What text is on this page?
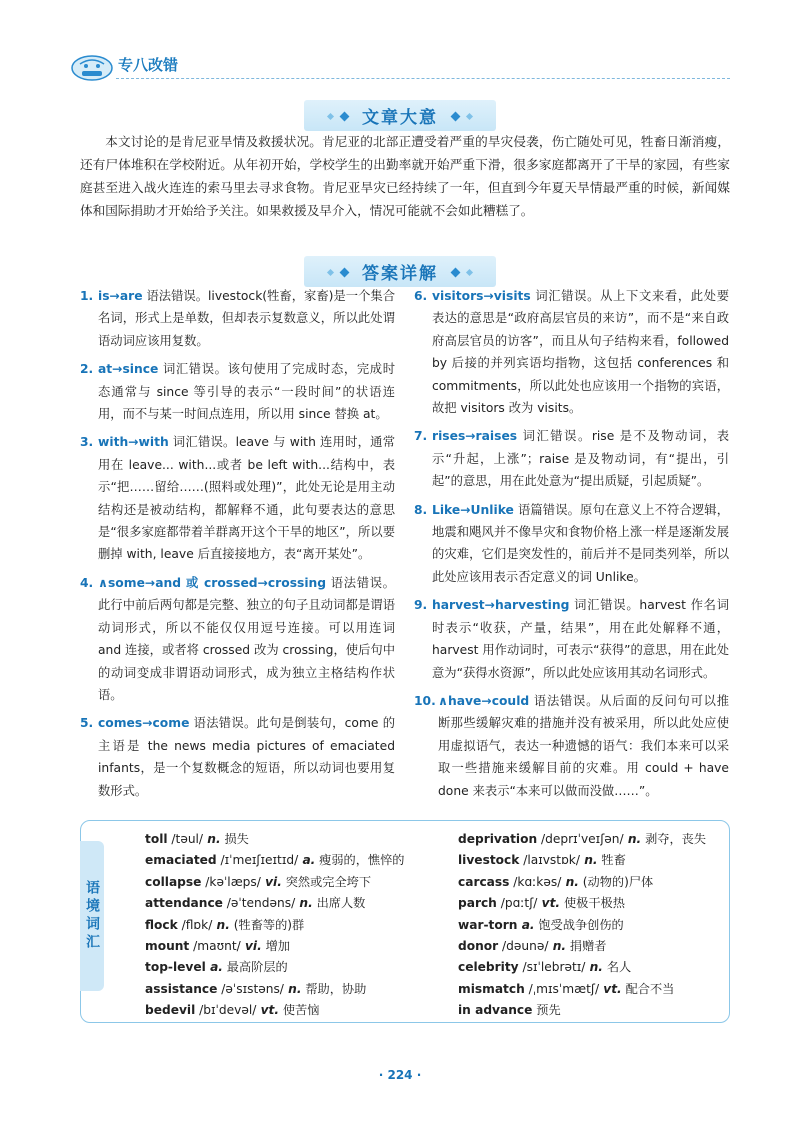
专八改错
文章大意

本文讨论的是肯尼亚旱情及救援状况。肯尼亚的北部正遭受着严重的旱灾侵袭，伤亡随处可见，牲畜日渐消瘦，还有尸体堆积在学校附近。从年初开始，学校学生的出勤率就开始严重下滑，很多家庭都离开了干旱的家园，有些家庭甚至进入战火连连的索马里去寻求食物。肯尼亚旱灾已经持续了一年，但直到今年夏天旱情最严重的时候，新闻媒体和国际捐助才开始给予关注。如果救援及早介入，情况可能就不会如此糟糕了。

答案详解
1. is→are 语法错误。livestock(牲畜，家畜)是一个集合名词，形式上是单数，但却表示复数意义，所以此处谓语动词应该用复数。
2. at→since 词汇错误。该句使用了完成时态，完成时态通常与 since 等引导的表示“一段时间”的状语连用，而不与某一时间点连用，所以用 since 替换 at。
3. with→with 词汇错误。leave 与 with 连用时，通常用在 leave... with...或者 be left with...结构中，表示“把……留给……(照料或处理)”，此处无论是用主动结构还是被动结构，都解释不通，此句要表达的意思是“很多家庭都带着羊群离开这个干旱的地区”，所以要删掉 with, leave 后直接接地方，表“离开某处”。
4. ∧some→and 或 crossed→crossing 语法错误。此行中前后两句都是完整、独立的句子且动词都是谓语动词形式，所以不能仅仅用逗号连接。可以用连词 and 连接，或者将 crossed 改为 crossing，使后句中的动词变成非谓语动词形式，成为独立主格结构作状语。
5. comes→come 语法错误。此句是倒装句，come 的主语是 the news media pictures of emaciated infants，是一个复数概念的短语，所以动词也要用复数形式。
6. visitors→visits 词汇错误。从上下文来看，此处要表达的意思是“政府高层官员的来访”，而不是“来自政府高层官员的访客”，而且从句子结构来看，followed by 后接的并列宾语均指物，这包括 conferences 和 commitments，所以此处也应该用一个指物的宾语，故把 visitors 改为 visits。
7. rises→raises 词汇错误。rise 是不及物动词，表示“升起，上涨”；raise 是及物动词，有“提出，引起”的意思，用在此处意为“提出质疑，引起质疑”。
8. Like→Unlike 语篇错误。原句在意义上不符合逻辑，地震和飓风并不像旱灾和食物价格上涨一样是逐渐发展的灾难，它们是突发性的，前后并不是同类列举，所以此处应该用表示否定意义的词 Unlike。
9. harvest→harvesting 词汇错误。harvest 作名词时表示“收获，产量，结果”，用在此处解释不通，harvest 用作动词时，可表示“获得”的意思，用在此处意为“获得水资源”，所以此处应该用其动名词形式。
10. ∧have→could 语法错误。从后面的反问句可以推断那些缓解灾难的措施并没有被采用，所以此处应使用虚拟语气，表达一种遗憾的语气：我们本来可以采取一些措施来缓解目前的灾难。用 could + have done 来表示“本来可以做而没做……”。
语境词汇
toll /təul/ n. 损失
emaciated /ɪˈmeɪʃɪeɪtɪd/ a. 瘦弱的，憔悴的
collapse /kəˈlæps/ vi. 突然或完全垮下
attendance /əˈtendəns/ n. 出席人数
flock /flɒk/ n. (牲畜等的)群
mount /maʊnt/ vi. 增加
top-level a. 最高阶层的
assistance /əˈsɪstəns/ n. 帮助，协助
bedevil /bɪˈdevəl/ vt. 使苦恼
deprivation /deprɪˈveɪʃən/ n. 剥夺，丧失
livestock /laɪvstɒk/ n. 牲畜
carcass /kɑːkəs/ n. (动物的)尸体
parch /pɑːtʃ/ vt. 使极干极热
war-torn a. 饱受战争创伤的
donor /dəunə/ n. 捐赠者
celebrity /sɪˈlebrətɪ/ n. 名人
mismatch /ˌmɪsˈmætʃ/ vt. 配合不当
in advance 预先
· 224 ·
